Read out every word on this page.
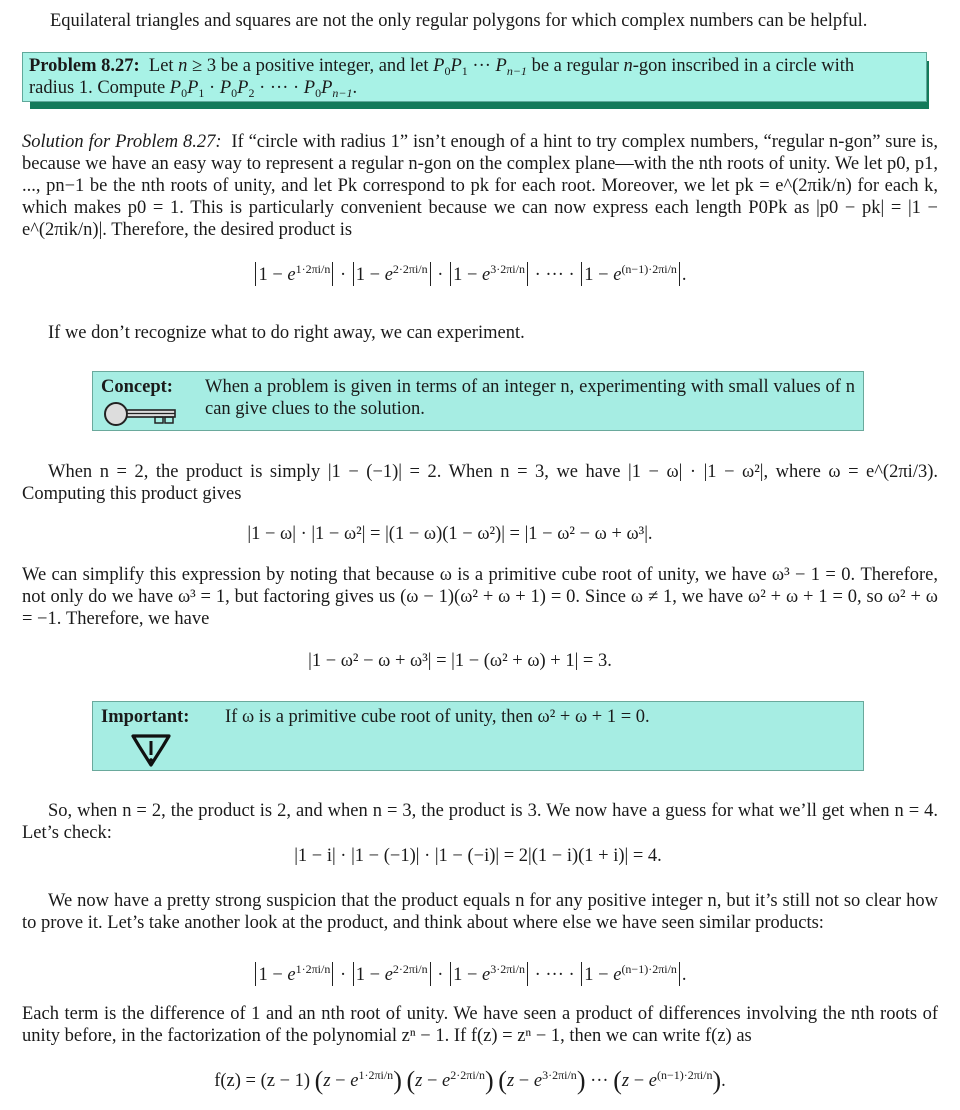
Equilateral triangles and squares are not the only regular polygons for which complex numbers can be helpful.
Problem 8.27: Let n ≥ 3 be a positive integer, and let $P_0P_1$ ··· $P_{n-1}$ be a regular n-gon inscribed in a circle with
radius 1. Compute $P_0P_1 \cdot P_0P_2$ · ··· · $P_0P_{n-1}$.
Solution for Problem 8.27: If “circle with radius 1” isn’t enough of a hint to try complex numbers, “regular n-gon” sure is, because we have an easy way to represent a regular n-gon on the complex plane—with the nth roots of unity. We let p0, p1, ..., pn−1 be the nth roots of unity, and let Pk correspond to pk for each root. Moreover, we let pk = e^(2πik/n) for each k, which makes p0 = 1. This is particularly convenient because we can now express each length P0Pk as |p0 − pk| = |1 − e^(2πik/n)|. Therefore, the desired product is
$1 - e^{1\cdot 2\pi i/n} \cdot 1 - e^{2\cdot 2\pi i/n} \cdot 1 - e^{3\cdot 2\pi i/n}$ · ··· · $1 - e^{(n-1)\cdot 2\pi i/n}$ .
If we don’t recognize what to do right away, we can experiment.
Concept: When a problem is given in terms of an integer n, experimenting with small values of n can give clues to the solution.
When n = 2, the product is simply |1 − (−1)| = 2. When n = 3, we have |1 − ω| · |1 − ω²|, where ω = e^(2πi/3). Computing this product gives
|1 − ω| · |1 − ω²| = |(1 − ω)(1 − ω²)| = |1 − ω² − ω + ω³|.
We can simplify this expression by noting that because ω is a primitive cube root of unity, we have ω³ − 1 = 0. Therefore, not only do we have ω³ = 1, but factoring gives us (ω − 1)(ω² + ω + 1) = 0. Since ω ≠ 1, we have ω² + ω + 1 = 0, so ω² + ω = −1. Therefore, we have
|1 − ω² − ω + ω³| = |1 − (ω² + ω) + 1| = 3.
Important: If ω is a primitive cube root of unity, then ω² + ω + 1 = 0.
So, when n = 2, the product is 2, and when n = 3, the product is 3. We now have a guess for what we’ll get when n = 4. Let’s check:
|1 − i| · |1 − (−1)| · |1 − (−i)| = 2|(1 − i)(1 + i)| = 4.
We now have a pretty strong suspicion that the product equals n for any positive integer n, but it’s still not so clear how to prove it. Let’s take another look at the product, and think about where else we have seen similar products:
$1 - e^{1\cdot 2\pi i/n} \cdot 1 - e^{2\cdot 2\pi i/n} \cdot 1 - e^{3\cdot 2\pi i/n}$ · ··· · $1 - e^{(n-1)\cdot 2\pi i/n}$ .
Each term is the difference of 1 and an nth root of unity. We have seen a product of differences involving the nth roots of unity before, in the factorization of the polynomial zⁿ − 1. If f(z) = zⁿ − 1, then we can write f(z) as
f(z) = (z − 1) $(z - e^{1\cdot 2\pi i/n})$ $(z - e^{2\cdot 2\pi i/n})$ $(z - e^{3\cdot 2\pi i/n})$ ··· $(z - e^{(n-1)\cdot 2\pi i/n})$.
